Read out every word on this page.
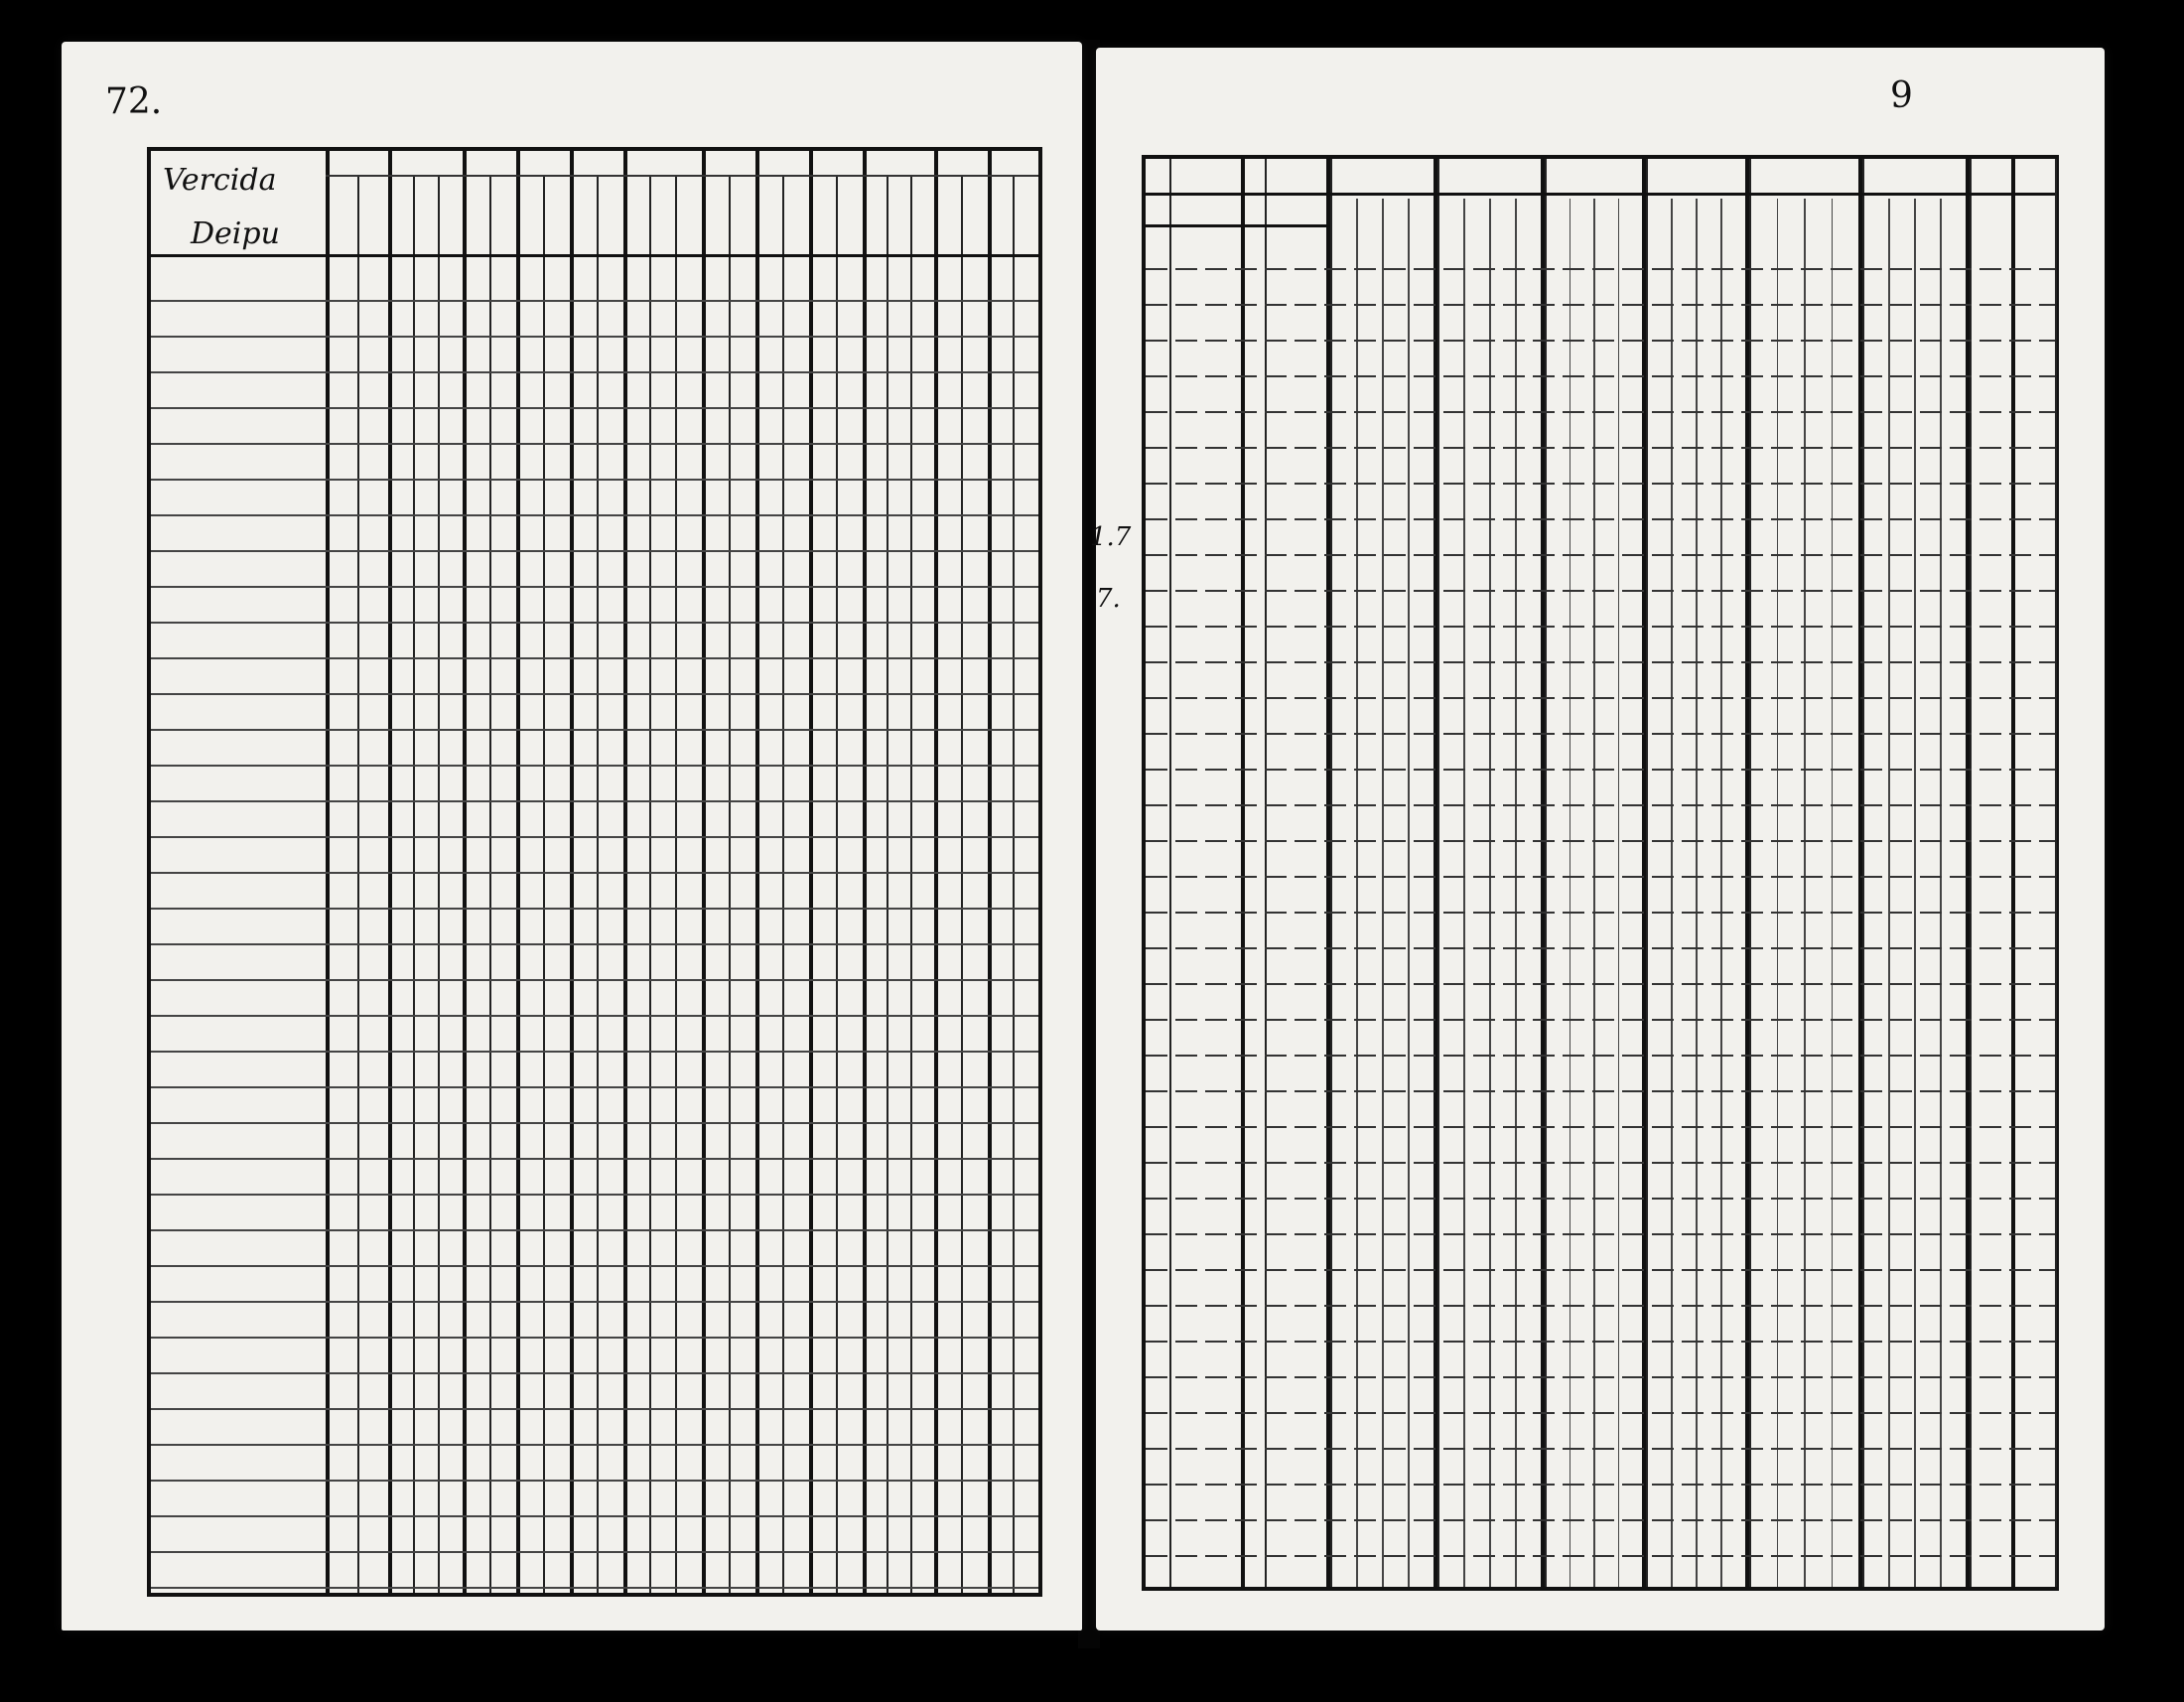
72.
Vercida
Deipu
9
1.7
7.
